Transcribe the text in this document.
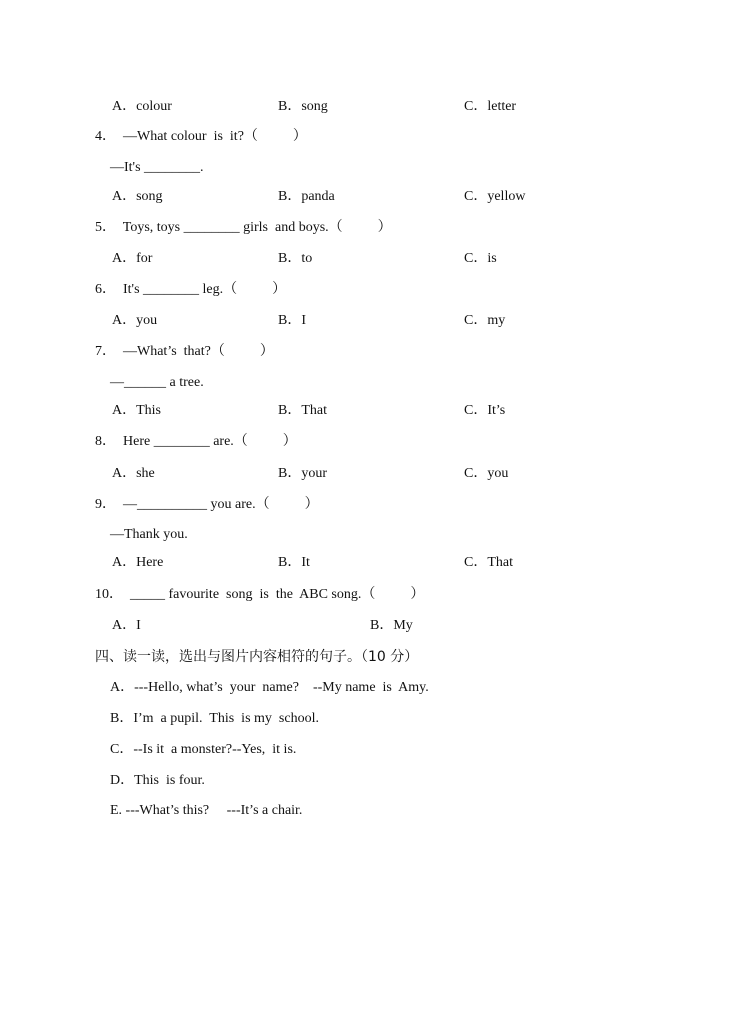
A．colour	B．song	C．letter
4．  —What colour  is  it?（          ）
—It's ________.
A．song	B．panda	C．yellow
5．  Toys, toys ________ girls  and boys.（          ）
A．for	B．to	C．is
6．  It's ________ leg.（          ）
A．you	B．I	C．my
7．  —What’s  that?（          ）
—______ a tree.
A．This	B．That	C．It’s
8．  Here ________ are.（          ）
A．she	B．your	C．you
9．  —__________ you are.（          ）
—Thank you.
A．Here	B．It	C．That
10．  _____ favourite  song  is  the  ABC song.（          ）
A．I	B．My
四、读一读，选出与图片内容相符的句子。（10 分）
A．---Hello, what’s  your  name?    --My name  is  Amy.
B．I’m  a pupil.  This  is my  school.
C．--Is it  a monster?--Yes,  it is.
D．This  is four.
E. ---What’s this?     ---It’s a chair.
